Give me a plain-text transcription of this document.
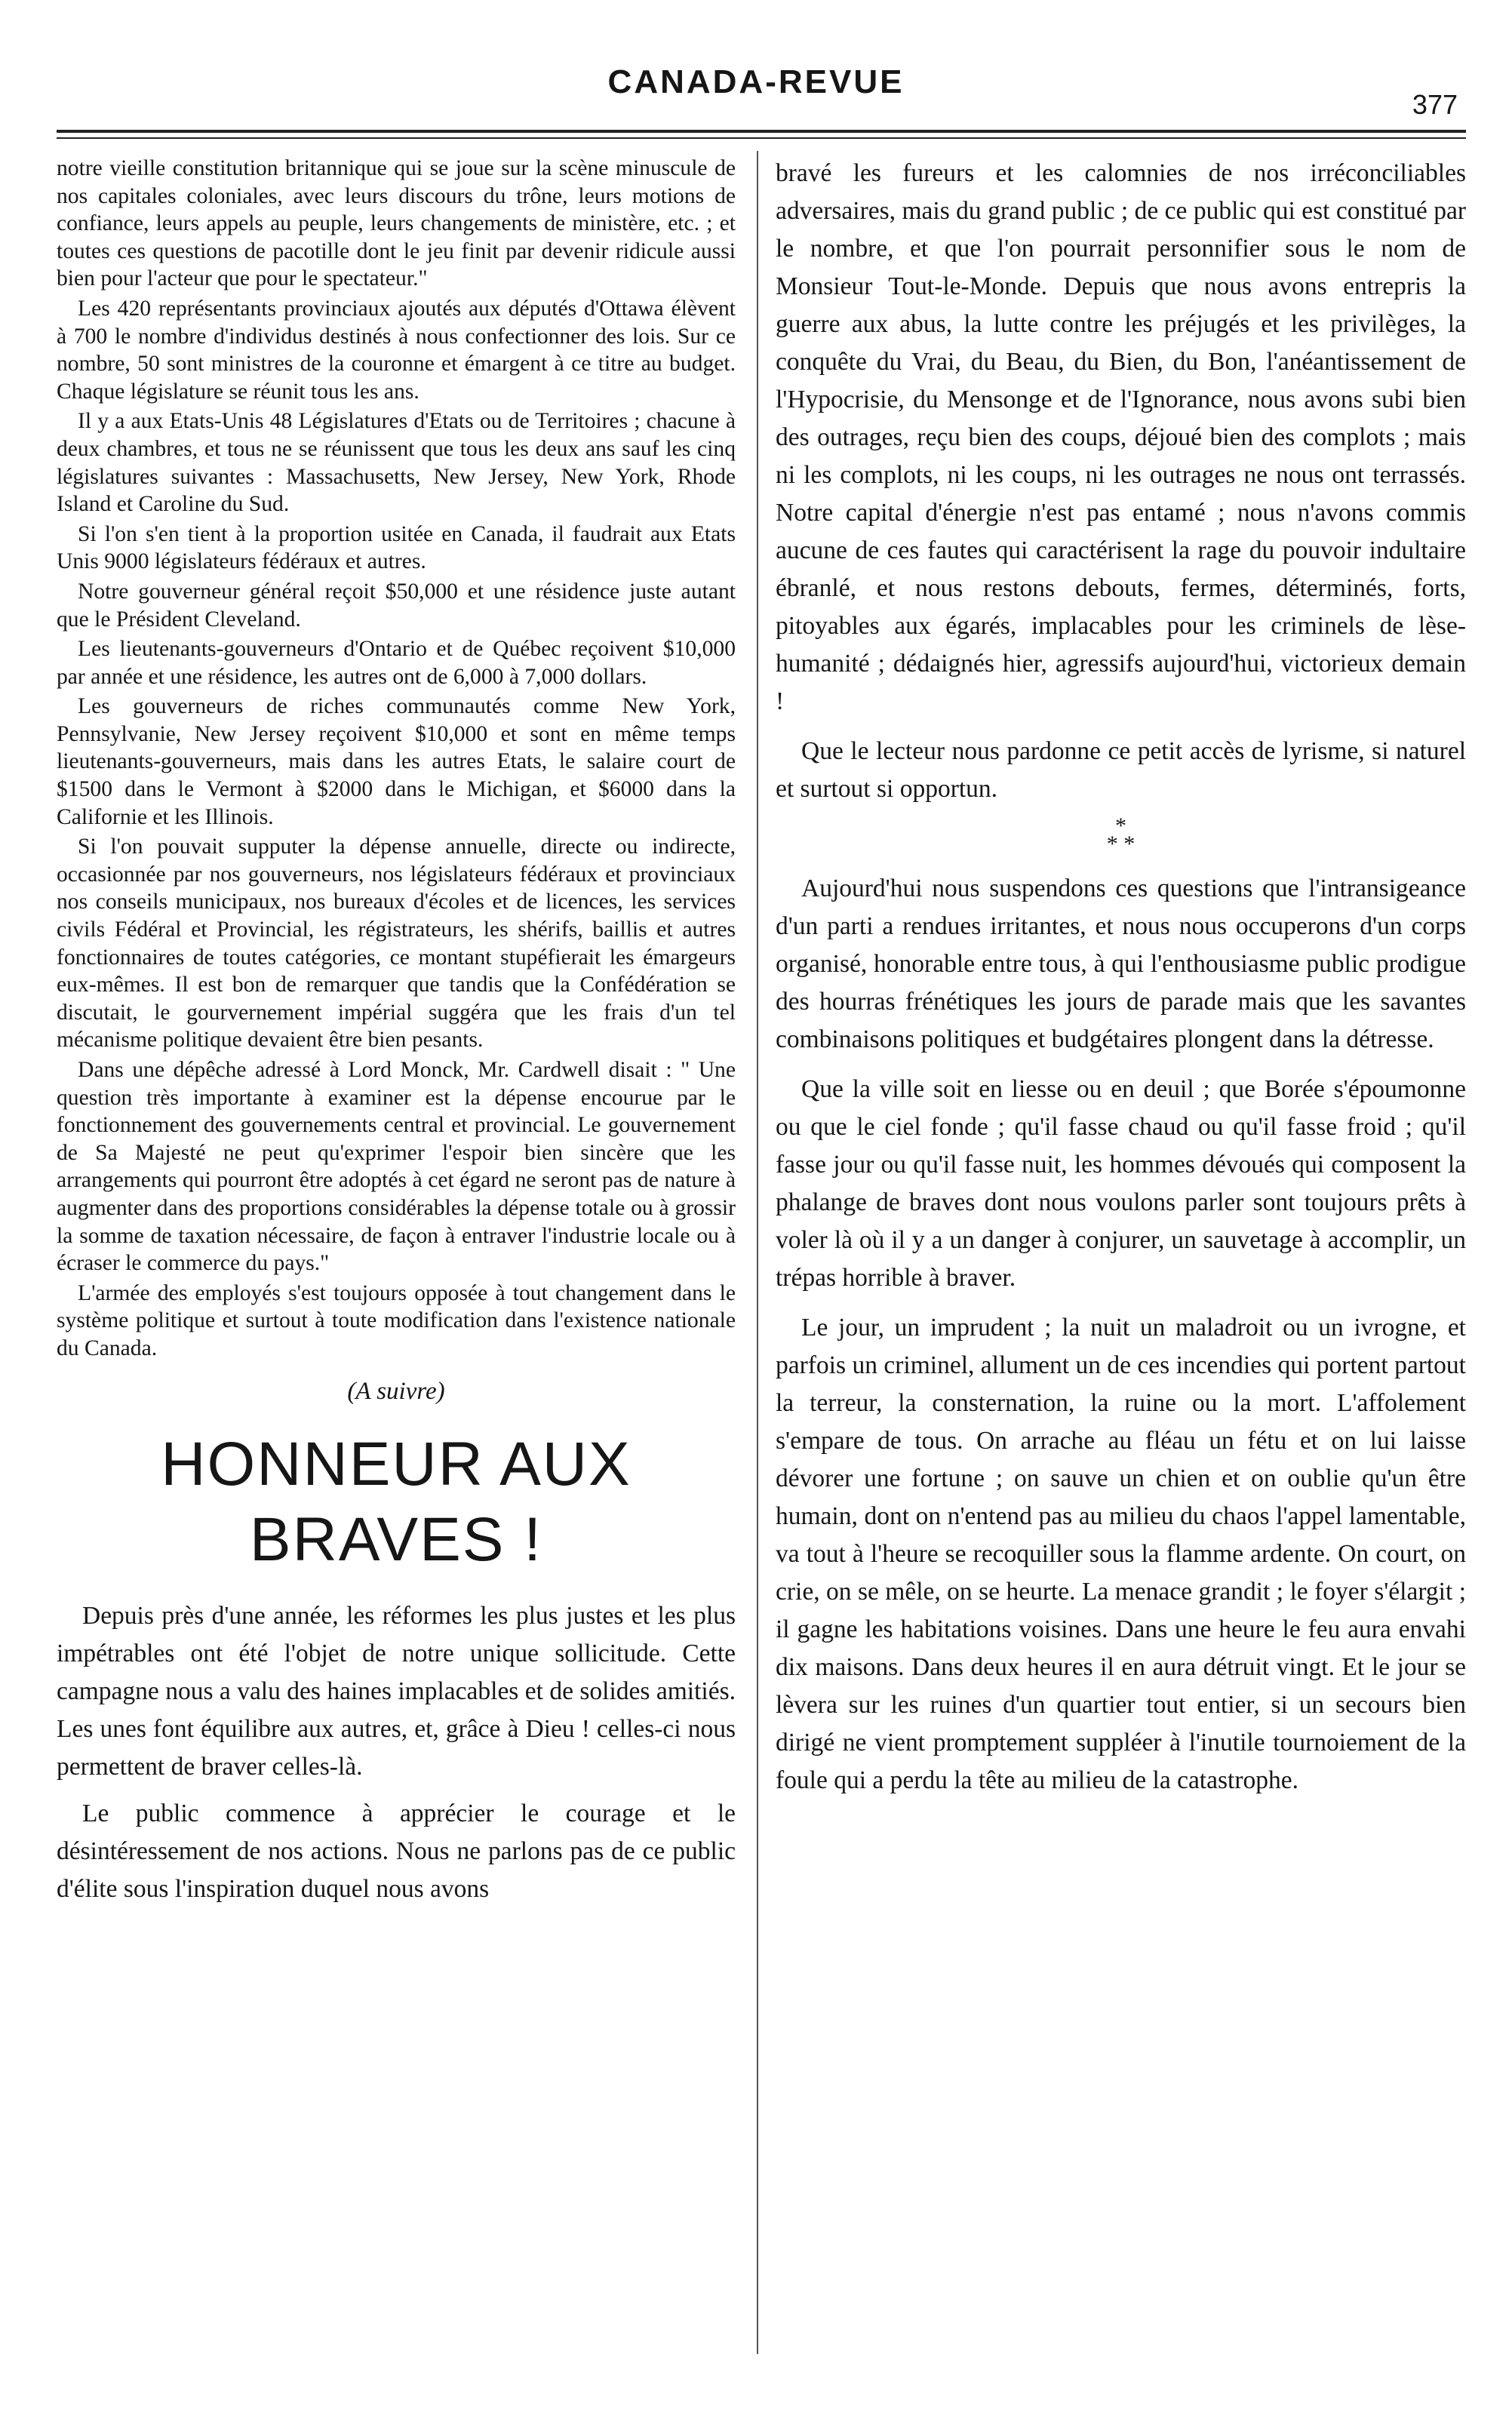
CANADA-REVUE
377

notre vieille constitution britannique qui se joue sur la scène minuscule de nos capitales coloniales, avec leurs discours du trône, leurs motions de confiance, leurs appels au peuple, leurs changements de ministère, etc. ; et toutes ces questions de pacotille dont le jeu finit par devenir ridicule aussi bien pour l'acteur que pour le spectateur."

Les 420 représentants provinciaux ajoutés aux députés d'Ottawa élèvent à 700 le nombre d'individus destinés à nous confectionner des lois. Sur ce nombre, 50 sont ministres de la couronne et émargent à ce titre au budget. Chaque législature se réunit tous les ans.

Il y a aux Etats-Unis 48 Législatures d'Etats ou de Territoires ; chacune à deux chambres, et tous ne se réunissent que tous les deux ans sauf les cinq législatures suivantes : Massachusetts, New Jersey, New York, Rhode Island et Caroline du Sud.

Si l'on s'en tient à la proportion usitée en Canada, il faudrait aux Etats Unis 9000 législateurs fédéraux et autres.

Notre gouverneur général reçoit $50,000 et une résidence juste autant que le Président Cleveland.

Les lieutenants-gouverneurs d'Ontario et de Québec reçoivent $10,000 par année et une résidence, les autres ont de 6,000 à 7,000 dollars.

Les gouverneurs de riches communautés comme New York, Pennsylvanie, New Jersey reçoivent $10,000 et sont en même temps lieutenants-gouverneurs, mais dans les autres Etats, le salaire court de $1500 dans le Vermont à $2000 dans le Michigan, et $6000 dans la Californie et les Illinois.

Si l'on pouvait supputer la dépense annuelle, directe ou indirecte, occasionnée par nos gouverneurs, nos législateurs fédéraux et provinciaux nos conseils municipaux, nos bureaux d'écoles et de licences, les services civils Fédéral et Provincial, les régistrateurs, les shérifs, baillis et autres fonctionnaires de toutes catégories, ce montant stupéfierait les émargeurs eux-mêmes. Il est bon de remarquer que tandis que la Confédération se discutait, le gourvernement impérial suggéra que les frais d'un tel mécanisme politique devaient être bien pesants.

Dans une dépêche adressé à Lord Monck, Mr. Cardwell disait : " Une question très importante à examiner est la dépense encourue par le fonctionnement des gouvernements central et provincial. Le gouvernement de Sa Majesté ne peut qu'exprimer l'espoir bien sincère que les arrangements qui pourront être adoptés à cet égard ne seront pas de nature à augmenter dans des proportions considérables la dépense totale ou à grossir la somme de taxation nécessaire, de façon à entraver l'industrie locale ou à écraser le commerce du pays."

L'armée des employés s'est toujours opposée à tout changement dans le système politique et surtout à toute modification dans l'existence nationale du Canada.

(A suivre)
HONNEUR AUX BRAVES !

Depuis près d'une année, les réformes les plus justes et les plus impétrables ont été l'objet de notre unique sollicitude. Cette campagne nous a valu des haines implacables et de solides amitiés. Les unes font équilibre aux autres, et, grâce à Dieu ! celles-ci nous permettent de braver celles-là.

Le public commence à apprécier le courage et le désintéressement de nos actions. Nous ne parlons pas de ce public d'élite sous l'inspiration duquel nous avons

bravé les fureurs et les calomnies de nos irréconciliables adversaires, mais du grand public ; de ce public qui est constitué par le nombre, et que l'on pourrait personnifier sous le nom de Monsieur Tout-le-Monde. Depuis que nous avons entrepris la guerre aux abus, la lutte contre les préjugés et les privilèges, la conquête du Vrai, du Beau, du Bien, du Bon, l'anéantissement de l'Hypocrisie, du Mensonge et de l'Ignorance, nous avons subi bien des outrages, reçu bien des coups, déjoué bien des complots ; mais ni les complots, ni les coups, ni les outrages ne nous ont terrassés. Notre capital d'énergie n'est pas entamé ; nous n'avons commis aucune de ces fautes qui caractérisent la rage du pouvoir indultaire ébranlé, et nous restons debouts, fermes, déterminés, forts, pitoyables aux égarés, implacables pour les criminels de lèse-humanité ; dédaignés hier, agressifs aujourd'hui, victorieux demain !

Que le lecteur nous pardonne ce petit accès de lyrisme, si naturel et surtout si opportun.

*
* *

Aujourd'hui nous suspendons ces questions que l'intransigeance d'un parti a rendues irritantes, et nous nous occuperons d'un corps organisé, honorable entre tous, à qui l'enthousiasme public prodigue des hourras frénétiques les jours de parade mais que les savantes combinaisons politiques et budgétaires plongent dans la détresse.

Que la ville soit en liesse ou en deuil ; que Borée s'époumonne ou que le ciel fonde ; qu'il fasse chaud ou qu'il fasse froid ; qu'il fasse jour ou qu'il fasse nuit, les hommes dévoués qui composent la phalange de braves dont nous voulons parler sont toujours prêts à voler là où il y a un danger à conjurer, un sauvetage à accomplir, un trépas horrible à braver.

Le jour, un imprudent ; la nuit un maladroit ou un ivrogne, et parfois un criminel, allument un de ces incendies qui portent partout la terreur, la consternation, la ruine ou la mort. L'affolement s'empare de tous. On arrache au fléau un fétu et on lui laisse dévorer une fortune ; on sauve un chien et on oublie qu'un être humain, dont on n'entend pas au milieu du chaos l'appel lamentable, va tout à l'heure se recoquiller sous la flamme ardente. On court, on crie, on se mêle, on se heurte. La menace grandit ; le foyer s'élargit ; il gagne les habitations voisines. Dans une heure le feu aura envahi dix maisons. Dans deux heures il en aura détruit vingt. Et le jour se lèvera sur les ruines d'un quartier tout entier, si un secours bien dirigé ne vient promptement suppléer à l'inutile tournoiement de la foule qui a perdu la tête au milieu de la catastrophe.
